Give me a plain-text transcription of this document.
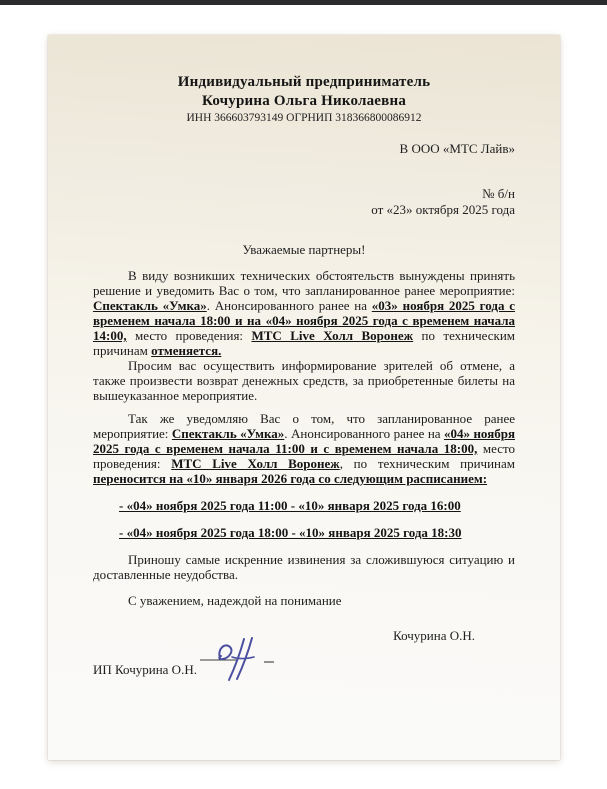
Индивидуальный предприниматель
Кочурина Ольга Николаевна
ИНН 366603793149 ОГРНИП 318366800086912
В ООО «МТС Лайв»
№ б/н
от «23» октября 2025 года
Уважаемые партнеры!

В виду возникших технических обстоятельств вынуждены принять решение и уведомить Вас о том, что запланированное ранее мероприятие: Спектакль «Умка». Анонсированного ранее на «03» ноября 2025 года с временем начала 18:00 и на «04» ноября 2025 года с временем начала 14:00, место проведения: МТС Live Холл Воронеж по техническим причинам отменяется.

Просим вас осуществить информирование зрителей об отмене, а также произвести возврат денежных средств, за приобретенные билеты на вышеуказанное мероприятие.

Так же уведомляю Вас о том, что запланированное ранее мероприятие: Спектакль «Умка». Анонсированного ранее на «04» ноября 2025 года с временем начала 11:00 и с временем начала 18:00, место проведения: МТС Live Холл Воронеж, по техническим причинам переносится на «10» января 2026 года со следующим расписанием:

- «04» ноября 2025 года 11:00 - «10» января 2025 года 16:00
- «04» ноября 2025 года 18:00 - «10» января 2025 года 18:30

Приношу самые искренние извинения за сложившуюся ситуацию и доставленные неудобства.

С уважением, надеждой на понимание
ИП Кочурина О.Н.
Кочурина О.Н.
